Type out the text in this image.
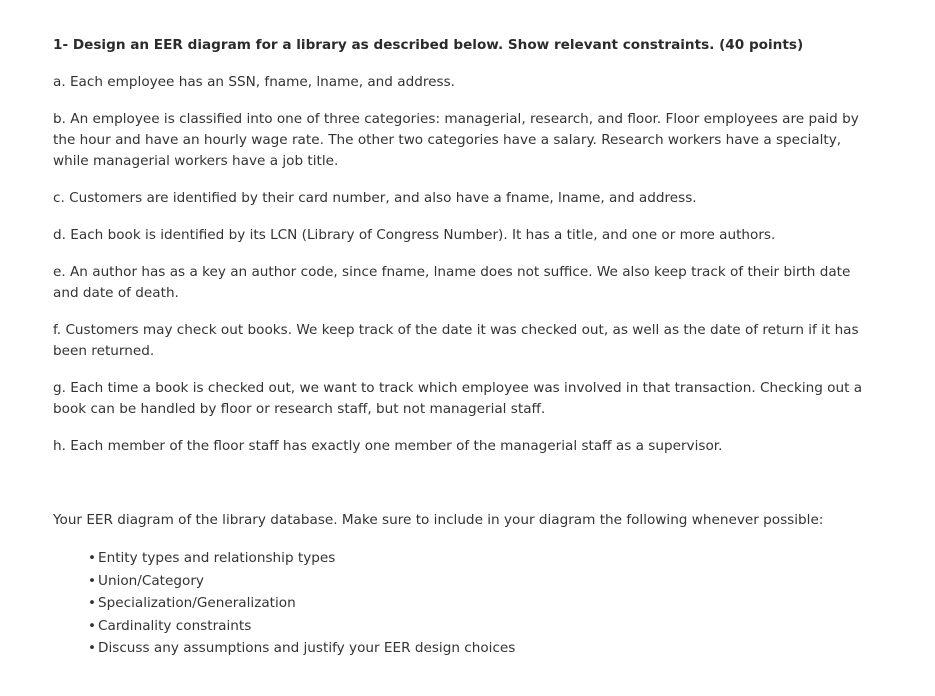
1- Design an EER diagram for a library as described below. Show relevant constraints. (40 points)

a. Each employee has an SSN, fname, lname, and address.

b. An employee is classified into one of three categories: managerial, research, and floor. Floor employees are paid by the hour and have an hourly wage rate. The other two categories have a salary. Research workers have a specialty, while managerial workers have a job title.

c. Customers are identified by their card number, and also have a fname, lname, and address.

d. Each book is identified by its LCN (Library of Congress Number). It has a title, and one or more authors.

e. An author has as a key an author code, since fname, lname does not suffice. We also keep track of their birth date and date of death.

f. Customers may check out books. We keep track of the date it was checked out, as well as the date of return if it has been returned.

g. Each time a book is checked out, we want to track which employee was involved in that transaction. Checking out a book can be handled by floor or research staff, but not managerial staff.

h. Each member of the floor staff has exactly one member of the managerial staff as a supervisor.

Your EER diagram of the library database. Make sure to include in your diagram the following whenever possible:

• Entity types and relationship types
• Union/Category
• Specialization/Generalization
• Cardinality constraints
• Discuss any assumptions and justify your EER design choices
